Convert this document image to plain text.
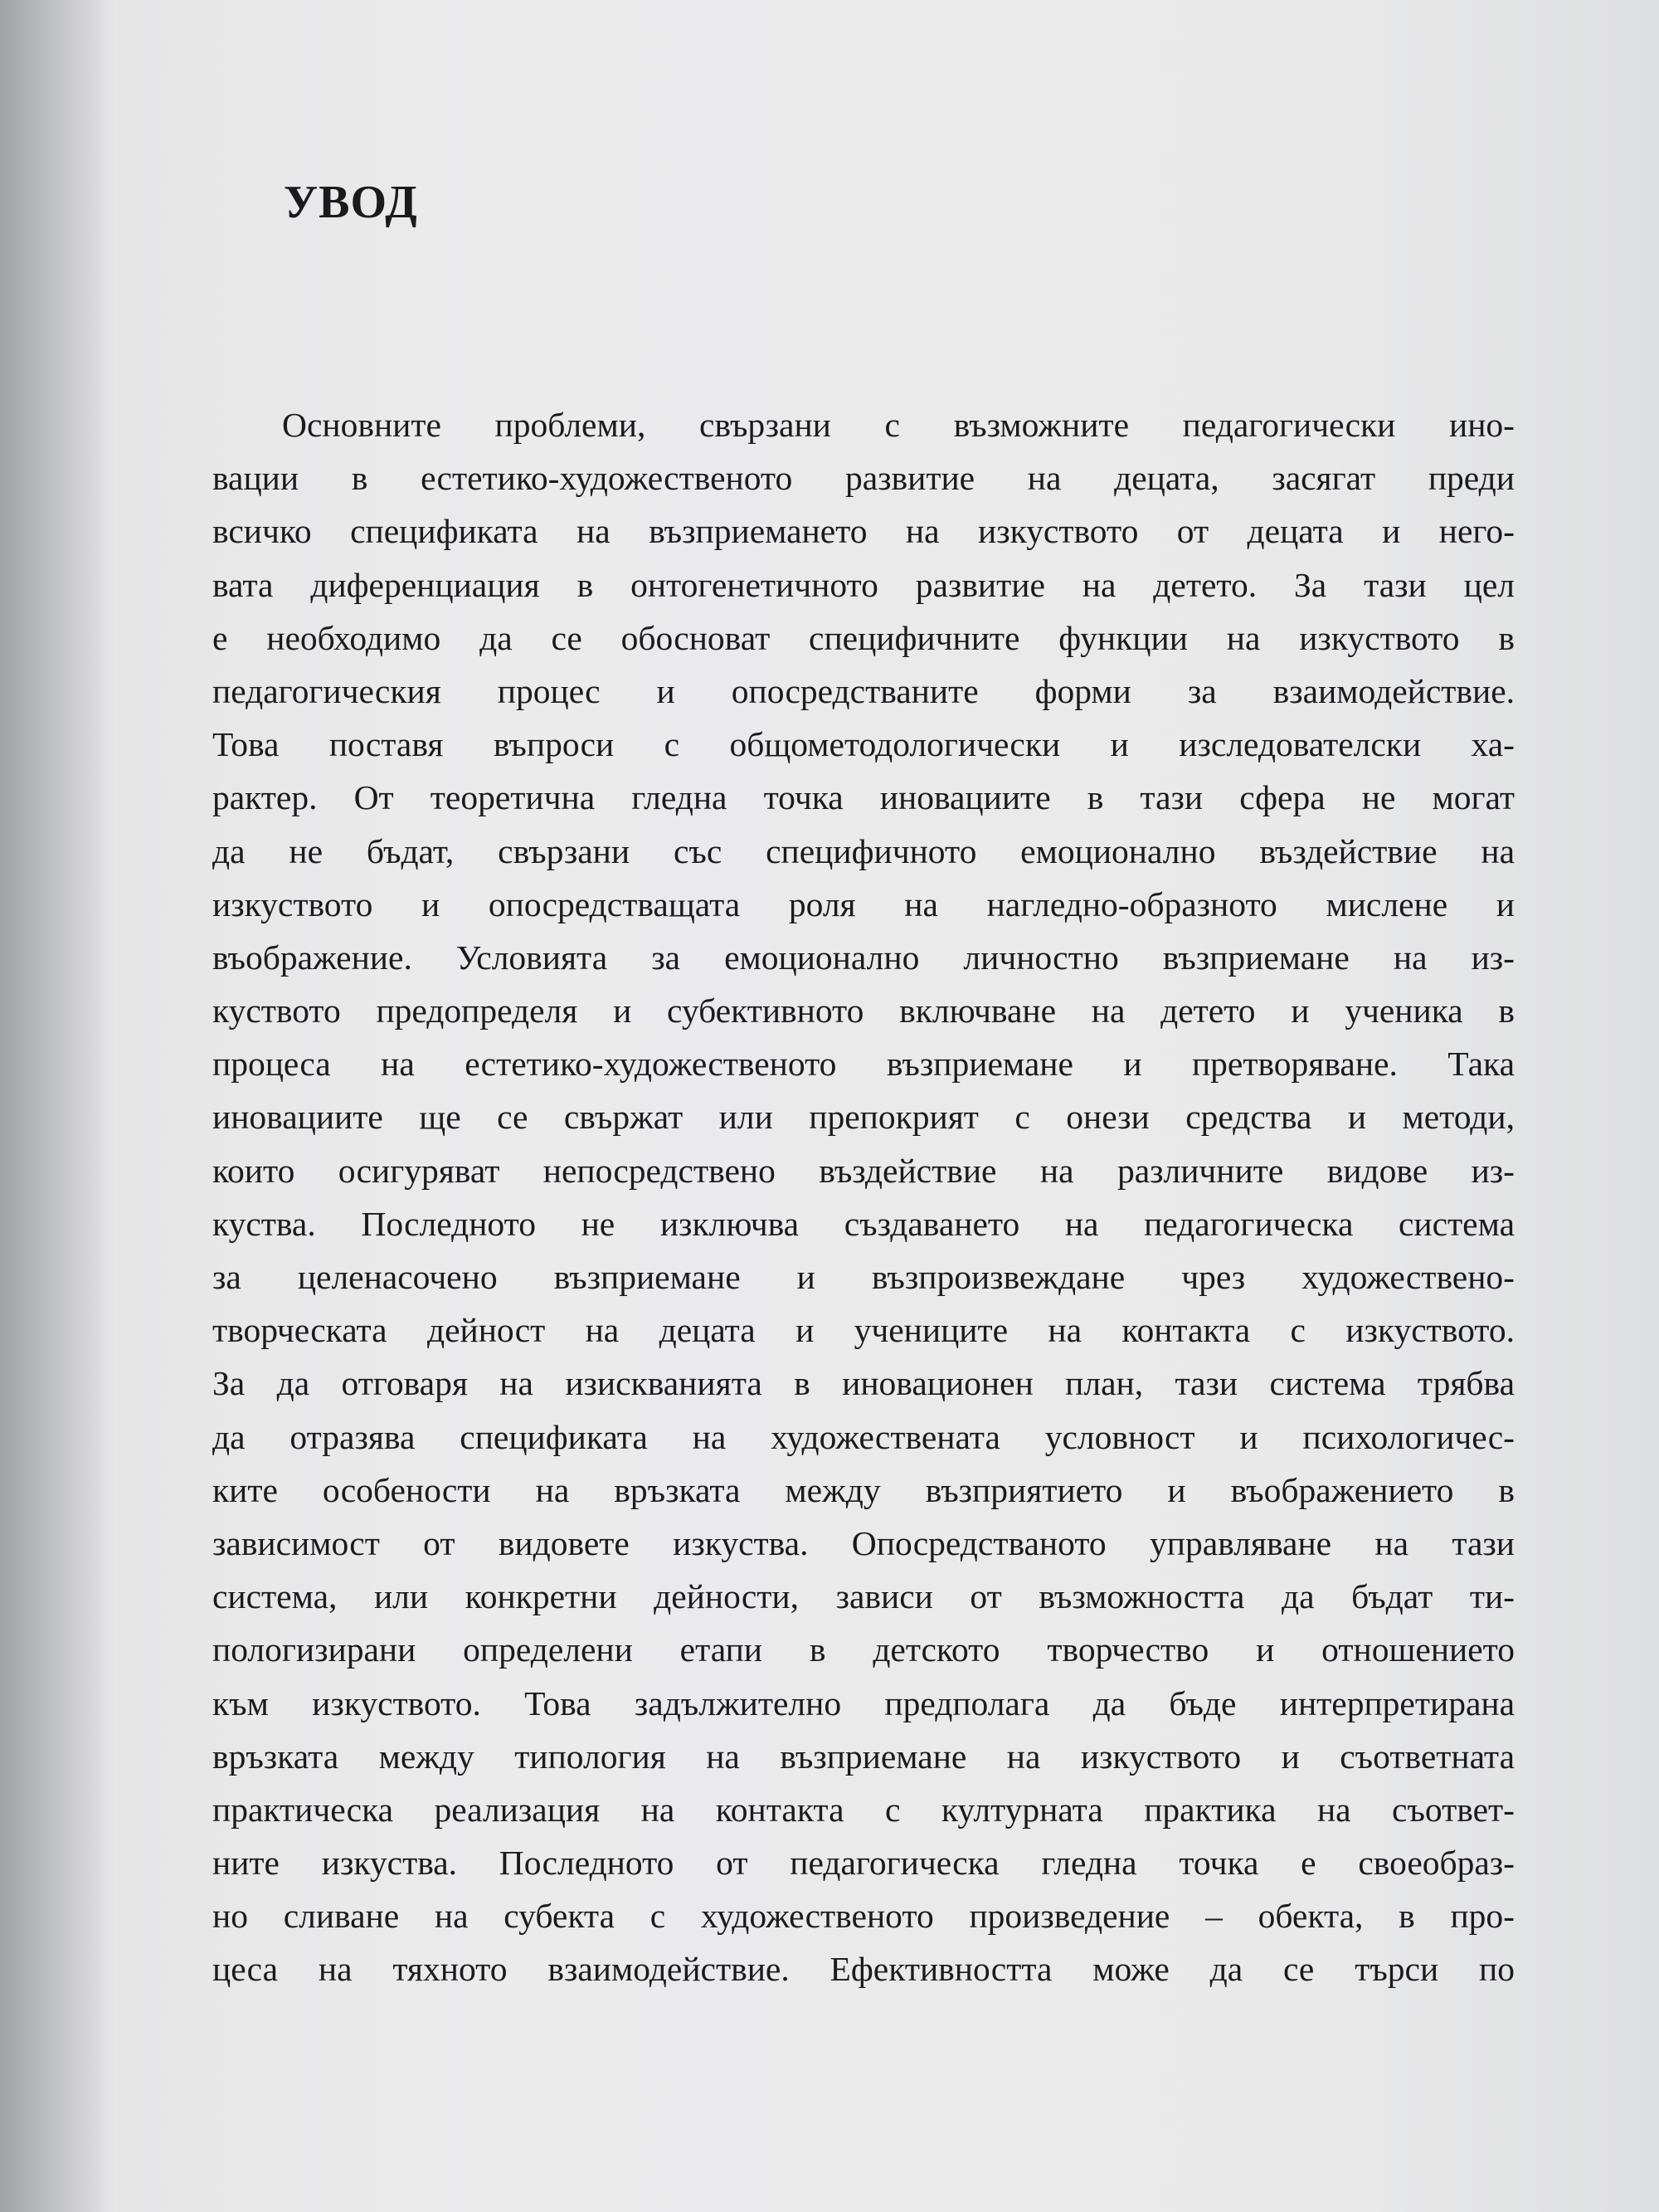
УВОД
Основните проблеми, свързани с възможните педагогически ино-
вации в естетико-художественото развитие на децата, засягат преди
всичко спецификата на възприемането на изкуството от децата и него-
вата диференциация в онтогенетичното развитие на детето. За тази цел
е необходимо да се обосноват специфичните функции на изкуството в
педагогическия процес и опосредстваните форми за взаимодействие.
Това поставя въпроси с общометодологически и изследователски ха-
рактер. От теоретична гледна точка иновациите в тази сфера не могат
да не бъдат, свързани със специфичното емоционално въздействие на
изкуството и опосредстващата роля на нагледно-образното мислене и
въображение. Условията за емоционално личностно възприемане на из-
куството предопределя и субективното включване на детето и ученика в
процеса на естетико-художественото възприемане и претворяване. Така
иновациите ще се свържат или препокрият с онези средства и методи,
които осигуряват непосредствено въздействие на различните видове из-
куства. Последното не изключва създаването на педагогическа система
за целенасочено възприемане и възпроизвеждане чрез художествено-
творческата дейност на децата и учениците на контакта с изкуството.
За да отговаря на изискванията в иновационен план, тази система трябва
да отразява спецификата на художествената условност и психологичес-
ките особености на връзката между възприятието и въображението в
зависимост от видовете изкуства. Опосредстваното управляване на тази
система, или конкретни дейности, зависи от възможността да бъдат ти-
пологизирани определени етапи в детското творчество и отношението
към изкуството. Това задължително предполага да бъде интерпретирана
връзката между типология на възприемане на изкуството и съответната
практическа реализация на контакта с културната практика на съответ-
ните изкуства. Последното от педагогическа гледна точка е своеобраз-
но сливане на субекта с художественото произведение – обекта, в про-
цеса на тяхното взаимодействие. Ефективността може да се търси по
